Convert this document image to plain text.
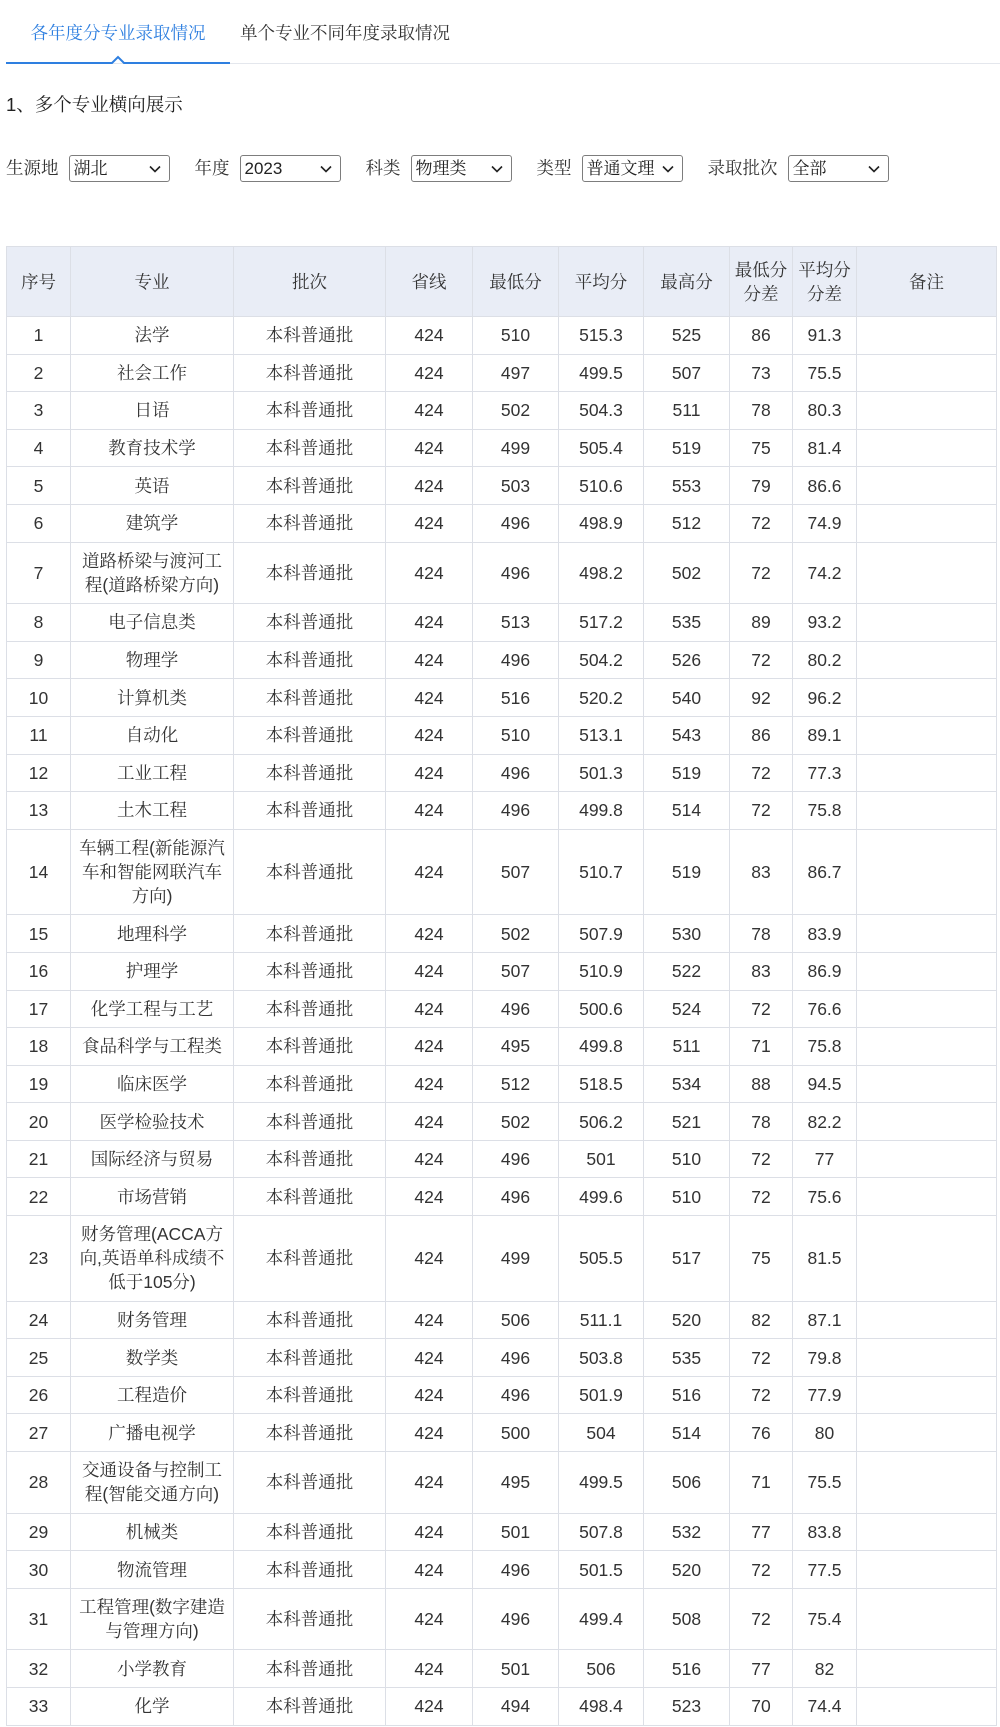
各年度分专业录取情况	单个专业不同年度录取情况
1、多个专业横向展示
生源地
湖北	年度
2023	科类
物理类	类型
普通文理	录取批次
全部
序号	专业	批次	省线	最低分	平均分	最高分	最低分分差	平均分分差	备注
1	法学	本科普通批	424	510	515.3	525	86	91.3	
2	社会工作	本科普通批	424	497	499.5	507	73	75.5	
3	日语	本科普通批	424	502	504.3	511	78	80.3	
4	教育技术学	本科普通批	424	499	505.4	519	75	81.4	
5	英语	本科普通批	424	503	510.6	553	79	86.6	
6	建筑学	本科普通批	424	496	498.9	512	72	74.9	
7	道路桥梁与渡河工程(道路桥梁方向)	本科普通批	424	496	498.2	502	72	74.2	
8	电子信息类	本科普通批	424	513	517.2	535	89	93.2	
9	物理学	本科普通批	424	496	504.2	526	72	80.2	
10	计算机类	本科普通批	424	516	520.2	540	92	96.2	
11	自动化	本科普通批	424	510	513.1	543	86	89.1	
12	工业工程	本科普通批	424	496	501.3	519	72	77.3	
13	土木工程	本科普通批	424	496	499.8	514	72	75.8	
14	车辆工程(新能源汽车和智能网联汽车方向)	本科普通批	424	507	510.7	519	83	86.7	
15	地理科学	本科普通批	424	502	507.9	530	78	83.9	
16	护理学	本科普通批	424	507	510.9	522	83	86.9	
17	化学工程与工艺	本科普通批	424	496	500.6	524	72	76.6	
18	食品科学与工程类	本科普通批	424	495	499.8	511	71	75.8	
19	临床医学	本科普通批	424	512	518.5	534	88	94.5	
20	医学检验技术	本科普通批	424	502	506.2	521	78	82.2	
21	国际经济与贸易	本科普通批	424	496	501	510	72	77	
22	市场营销	本科普通批	424	496	499.6	510	72	75.6	
23	财务管理(ACCA方向,英语单科成绩不低于105分)	本科普通批	424	499	505.5	517	75	81.5	
24	财务管理	本科普通批	424	506	511.1	520	82	87.1	
25	数学类	本科普通批	424	496	503.8	535	72	79.8	
26	工程造价	本科普通批	424	496	501.9	516	72	77.9	
27	广播电视学	本科普通批	424	500	504	514	76	80	
28	交通设备与控制工程(智能交通方向)	本科普通批	424	495	499.5	506	71	75.5	
29	机械类	本科普通批	424	501	507.8	532	77	83.8	
30	物流管理	本科普通批	424	496	501.5	520	72	77.5	
31	工程管理(数字建造与管理方向)	本科普通批	424	496	499.4	508	72	75.4	
32	小学教育	本科普通批	424	501	506	516	77	82	
33	化学	本科普通批	424	494	498.4	523	70	74.4	
